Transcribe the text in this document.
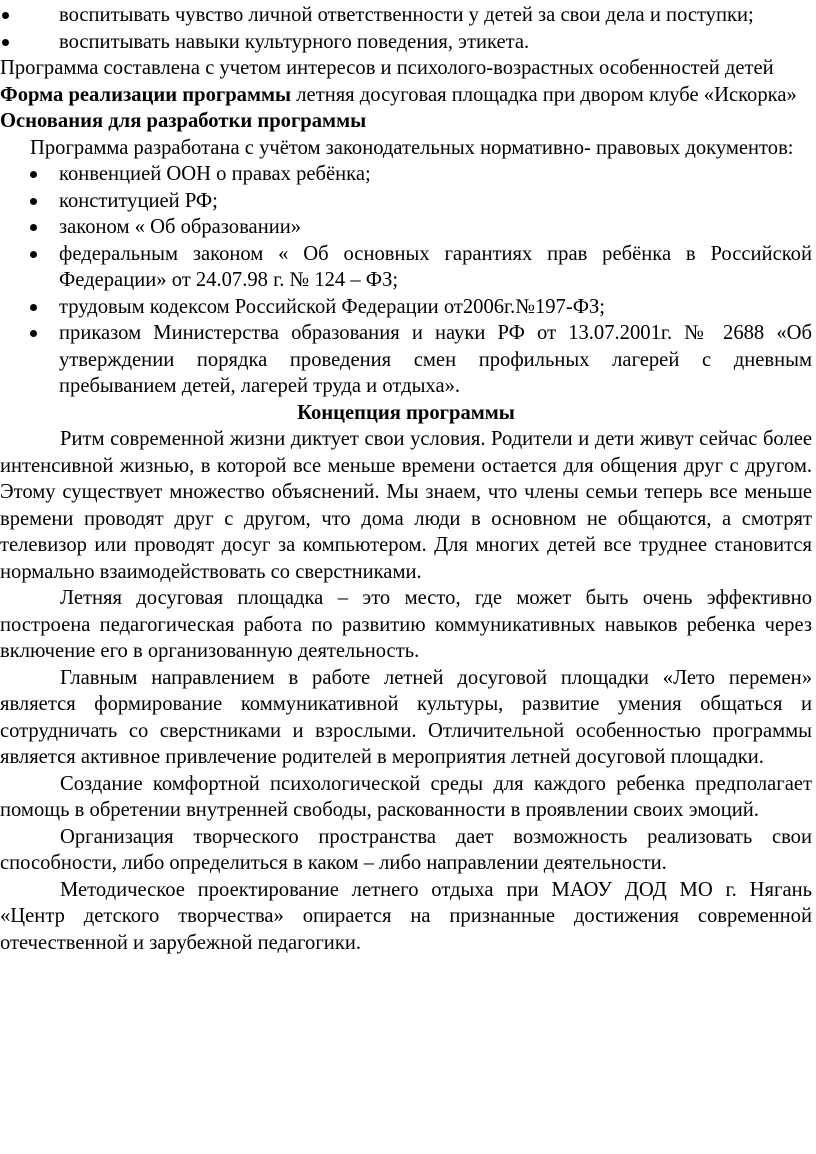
воспитывать чувство личной ответственности у детей за свои дела и поступки;
воспитывать навыки культурного поведения, этикета.

Программа составлена с учетом интересов и психолого-возрастных особенностей детей

Форма реализации программы летняя досуговая площадка при двором клубе «Искорка»

Основания для разработки программы

Программа разработана с учётом законодательных нормативно- правовых документов:

конвенцией ООН о правах ребёнка;
конституцией РФ;
законом « Об образовании»
федеральным законом « Об основных гарантиях прав ребёнка в Российской Федерации» от 24.07.98 г. № 124 – ФЗ;
трудовым кодексом Российской Федерации от2006г.№197-ФЗ;
приказом Министерства образования и науки РФ от 13.07.2001г. № 2688 «Об утверждении порядка проведения смен профильных лагерей с дневным пребыванием детей, лагерей труда и отдыха».

Концепция программы

Ритм современной жизни диктует свои условия. Родители и дети живут сейчас более интенсивной жизнью, в которой все меньше времени остается для общения друг с другом. Этому существует множество объяснений. Мы знаем, что члены семьи теперь все меньше времени проводят друг с другом, что дома люди в основном не общаются, а смотрят телевизор или проводят досуг за компьютером. Для многих детей все труднее становится нормально взаимодействовать со сверстниками.

Летняя досуговая площадка – это место, где может быть очень эффективно построена педагогическая работа по развитию коммуникативных навыков ребенка через включение его в организованную деятельность.

Главным направлением в работе летней досуговой площадки «Лето перемен» является формирование коммуникативной культуры, развитие умения общаться и сотрудничать со сверстниками и взрослыми. Отличительной особенностью программы является активное привлечение родителей в мероприятия летней досуговой площадки.

Создание комфортной психологической среды для каждого ребенка предполагает помощь в обретении внутренней свободы, раскованности в проявлении своих эмоций.

Организация творческого пространства дает возможность реализовать свои способности, либо определиться в каком – либо направлении деятельности.

Методическое проектирование летнего отдыха при МАОУ ДОД МО г. Нягань «Центр детского творчества» опирается на признанные достижения современной отечественной и зарубежной педагогики.
